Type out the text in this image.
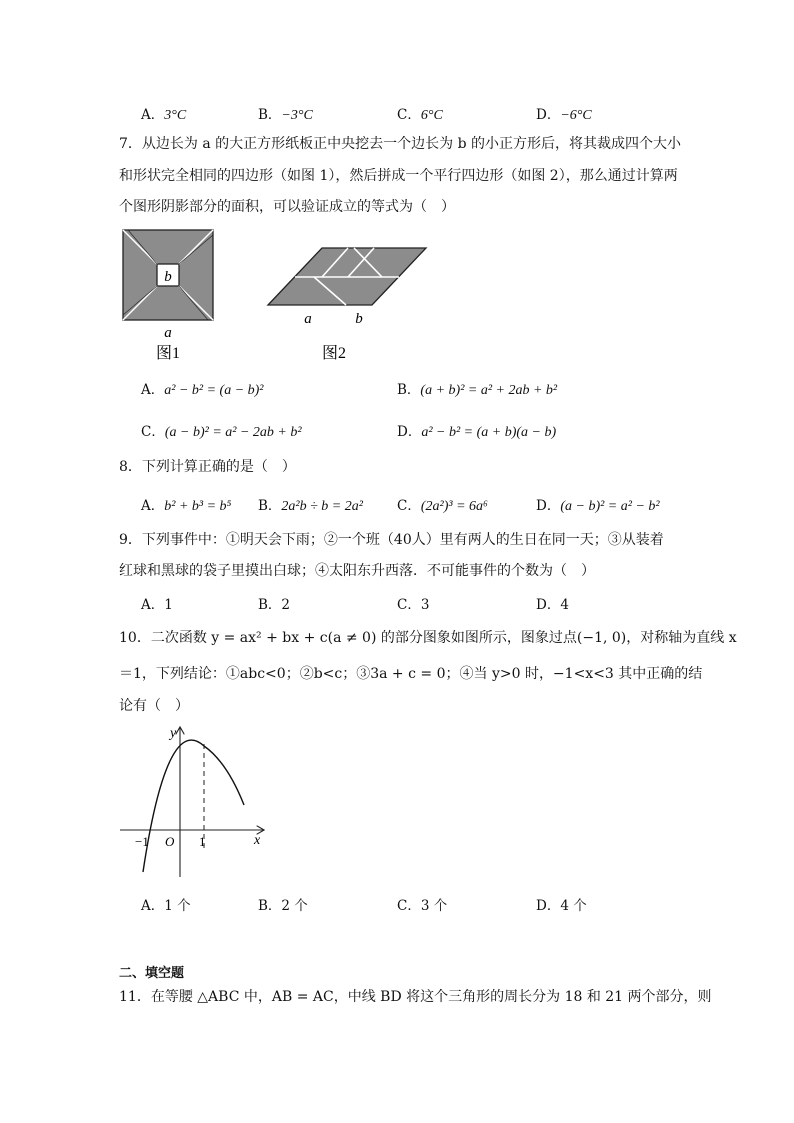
A．3°C	B．−3°C	C．6°C	D．−6°C
7．从边长为 a 的大正方形纸板正中央挖去一个边长为 b 的小正方形后，将其裁成四个大小
和形状完全相同的四边形（如图 1），然后拼成一个平行四边形（如图 2），那么通过计算两
个图形阴影部分的面积，可以验证成立的等式为（　）
b
a
图1
a	b
图2
A．a² − b² = (a − b)²	B．(a + b)² = a² + 2ab + b²
C．(a − b)² = a² − 2ab + b²	D．a² − b² = (a + b)(a − b)
8．下列计算正确的是（　）
A．b² + b³ = b⁵ B．2a²b ÷ b = 2a²	C．(2a²)³ = 6a⁶	D．(a − b)² = a² − b²
9．下列事件中：①明天会下雨；②一个班（40人）里有两人的生日在同一天；③从装着
红球和黑球的袋子里摸出白球；④太阳东升西落．不可能事件的个数为（　）
A．1	B．2	C．3	D．4
10．二次函数 y = ax² + bx + c(a ≠ 0) 的部分图象如图所示，图象过点(−1, 0)，对称轴为直线 x
＝1，下列结论：①abc<0；②b<c；③3a + c = 0；④当 y>0 时，−1<x<3 其中正确的结
论有（　）
y
x
O
−1	1
A．1 个	B．2 个	C．3 个	D．4 个
二、填空题
11．在等腰 △ABC 中，AB = AC，中线 BD 将这个三角形的周长分为 18 和 21 两个部分，则
